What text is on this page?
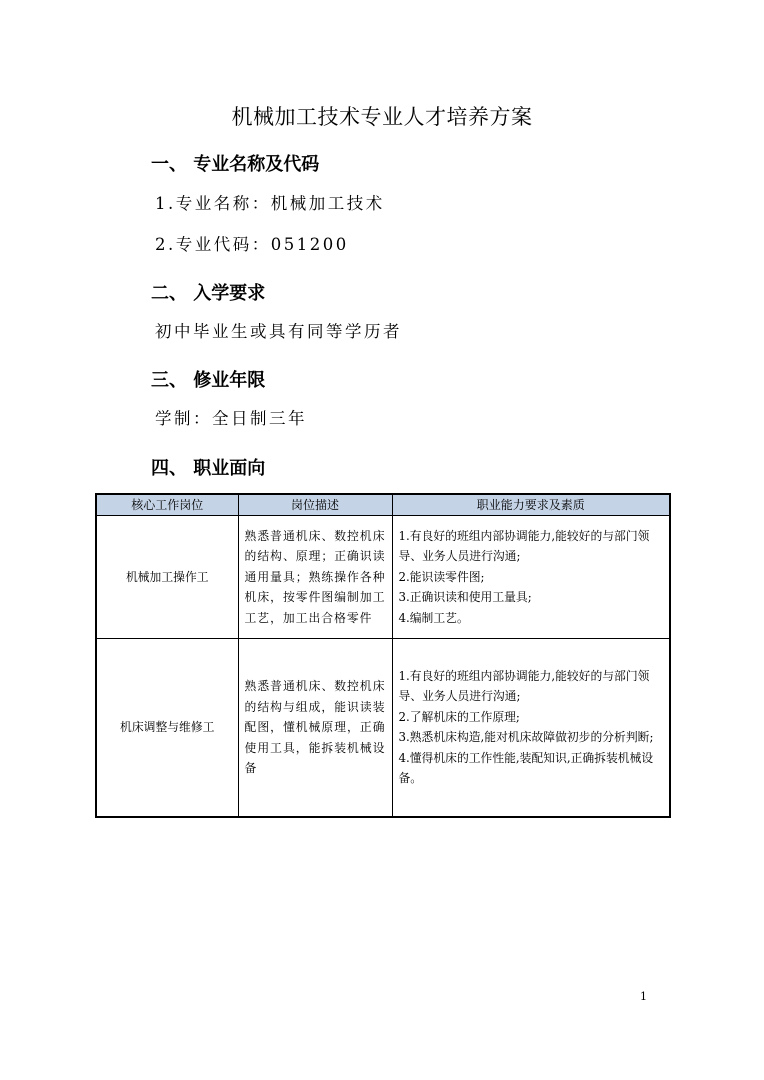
机械加工技术专业人才培养方案
一、 专业名称及代码
1.专业名称：机械加工技术
2.专业代码：051200
二、 入学要求
初中毕业生或具有同等学历者
三、 修业年限
学制：全日制三年
四、 职业面向
核心工作岗位	岗位描述	职业能力要求及素质
机械加工操作工	熟悉普通机床、数控机床的结构、原理；正确识读通用量具；熟练操作各种机床，按零件图编制加工工艺，加工出合格零件	1.有良好的班组内部协调能力,能较好的与部门领导、业务人员进行沟通;
2.能识读零件图;
3.正确识读和使用工量具;
4.编制工艺。

机床调整与维修工	熟悉普通机床、数控机床的结构与组成，能识读装配图，懂机械原理，正确使用工具，能拆装机械设备	1.有良好的班组内部协调能力,能较好的与部门领导、业务人员进行沟通;
2.了解机床的工作原理;
3.熟悉机床构造,能对机床故障做初步的分析判断;
4.懂得机床的工作性能,装配知识,正确拆装机械设备。
1
